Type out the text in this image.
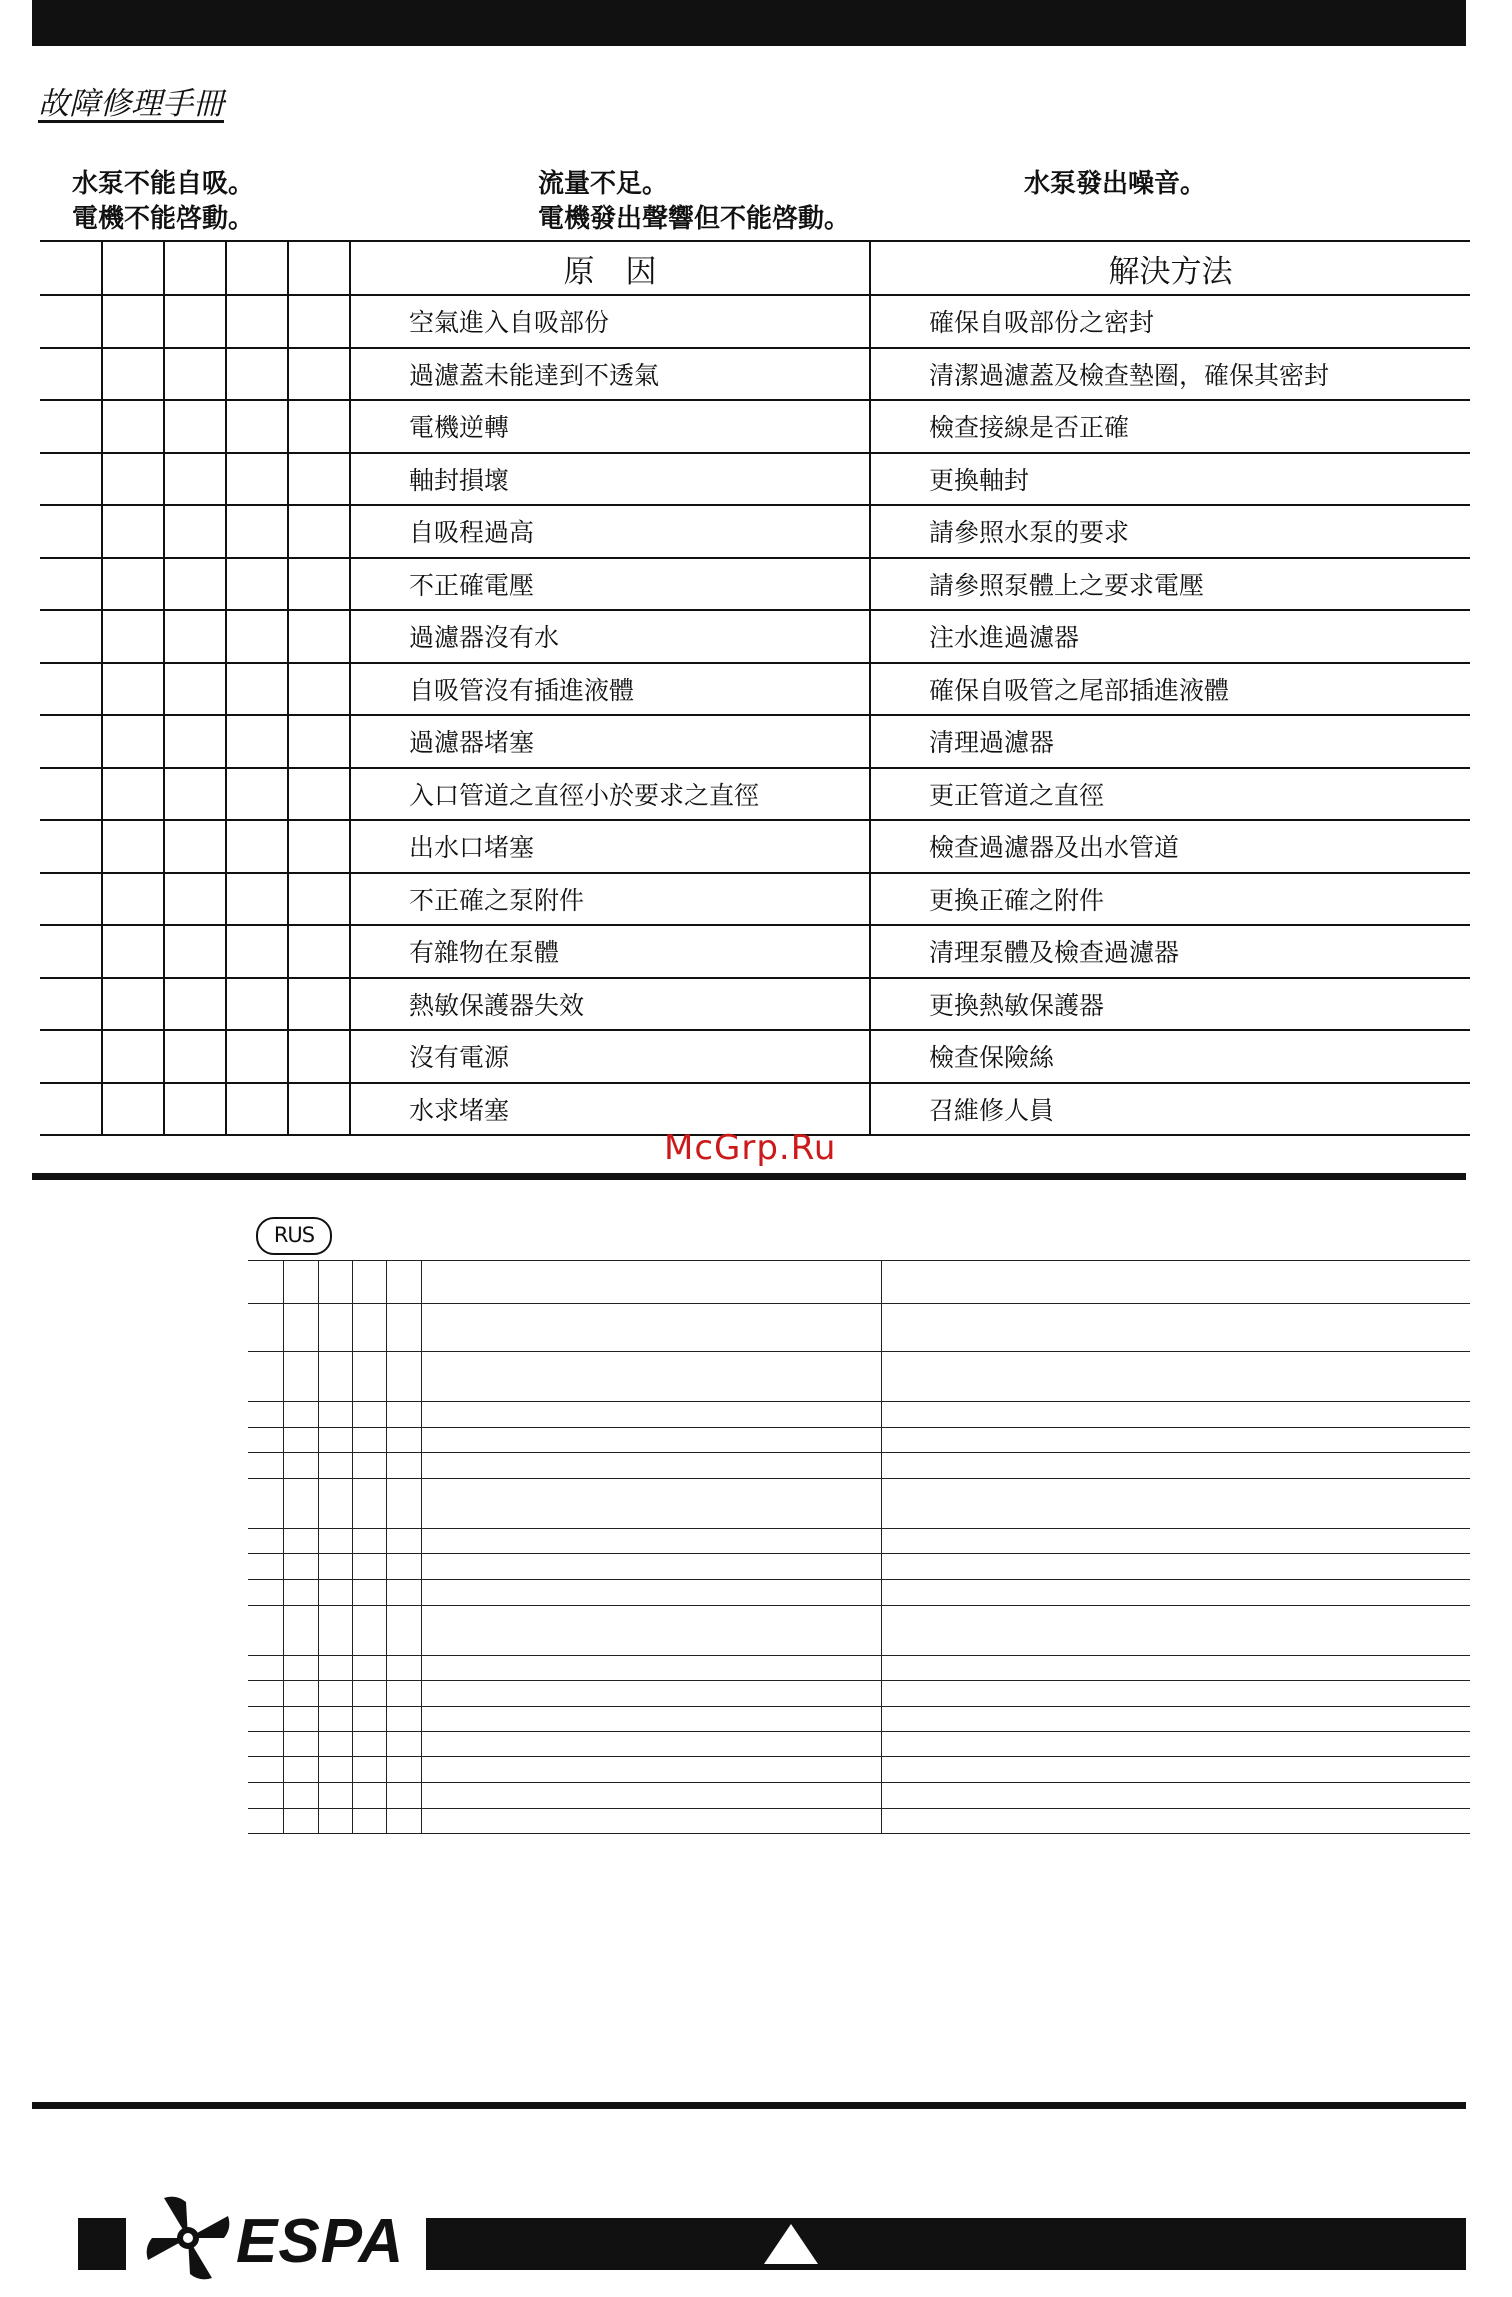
故障修理手冊
水泵不能自吸。
電機不能啓動。
流量不足。
電機發出聲響但不能啓動。
水泵發出噪音。
					原　因	解決方法
					空氣進入自吸部份	確保自吸部份之密封
					過濾蓋未能達到不透氣	清潔過濾蓋及檢查墊圈，確保其密封
					電機逆轉	檢查接線是否正確
					軸封損壞	更換軸封
					自吸程過高	請參照水泵的要求
					不正確電壓	請參照泵體上之要求電壓
					過濾器沒有水	注水進過濾器
					自吸管沒有插進液體	確保自吸管之尾部插進液體
					過濾器堵塞	清理過濾器
					入口管道之直徑小於要求之直徑	更正管道之直徑
					出水口堵塞	檢查過濾器及出水管道
					不正確之泵附件	更換正確之附件
					有雜物在泵體	清理泵體及檢查過濾器
					熱敏保護器失效	更換熱敏保護器
					沒有電源	檢查保險絲
					水求堵塞	召維修人員
McGrp.Ru
RUS

ESPA
